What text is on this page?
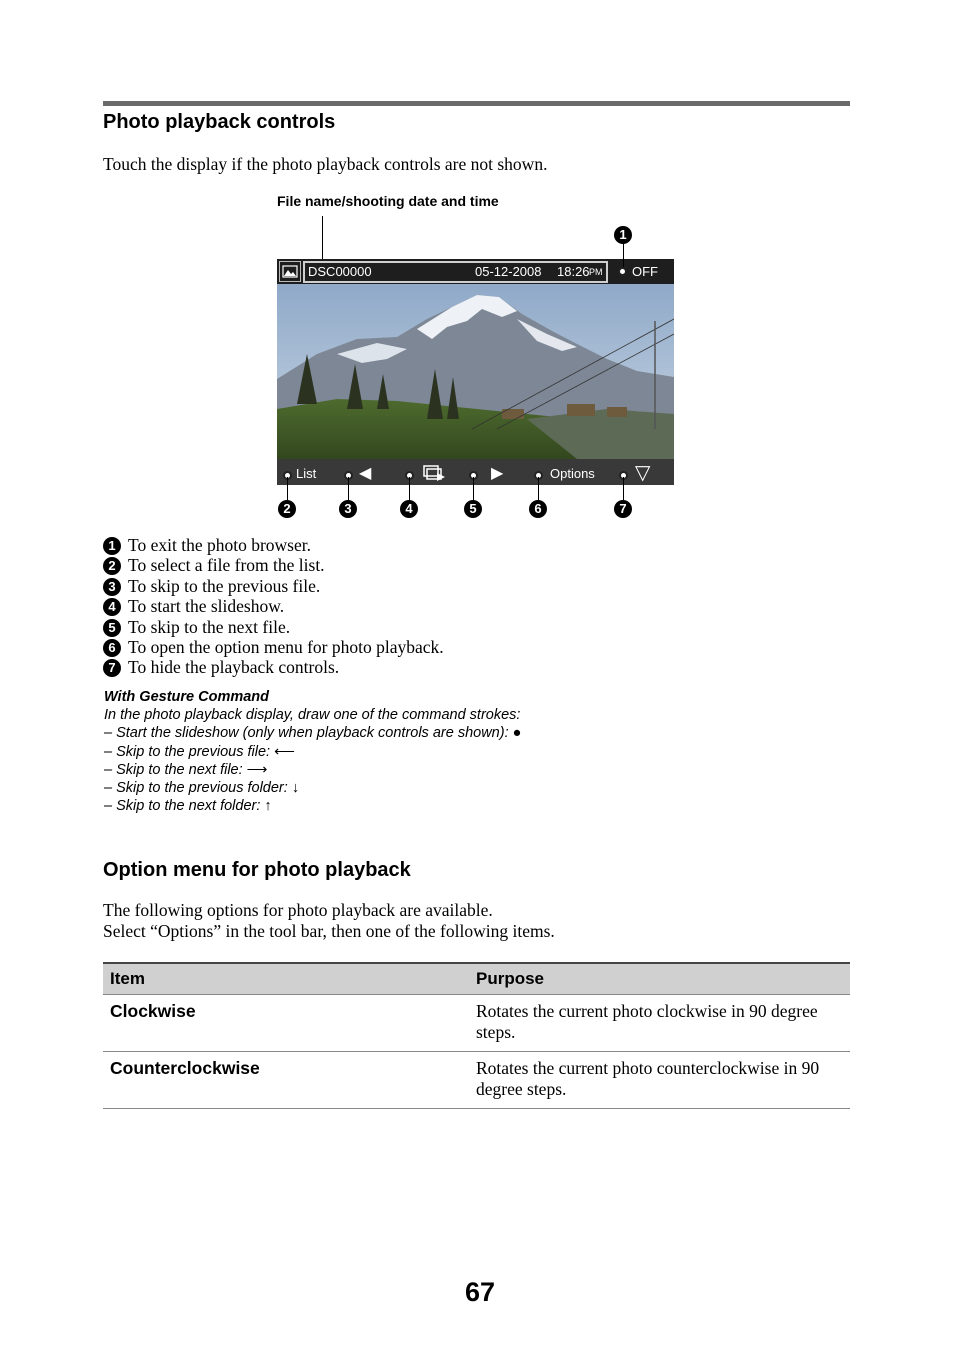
Photo playback controls
Touch the display if the photo playback controls are not shown.
File name/shooting date and time
DSC00000	05-12-2008 18:26 PM OFF
List	◀	▶	Options ▽
1
2	3	4	5	6	7
1 To exit the photo browser.
2 To select a file from the list.
3 To skip to the previous file.
4 To start the slideshow.
5 To skip to the next file.
6 To open the option menu for photo playback.
7 To hide the playback controls.
With Gesture Command
In the photo playback display, draw one of the command strokes:
– Start the slideshow (only when playback controls are shown): ●
– Skip to the previous file: ⟵
– Skip to the next file: ⟶
– Skip to the previous folder: ↓
– Skip to the next folder: ↑
Option menu for photo playback
The following options for photo playback are available.
Select “Options” in the tool bar, then one of the following items.
Item	Purpose
Clockwise	Rotates the current photo clockwise in 90 degree steps.
Counterclockwise	Rotates the current photo counterclockwise in 90 degree steps.
67
